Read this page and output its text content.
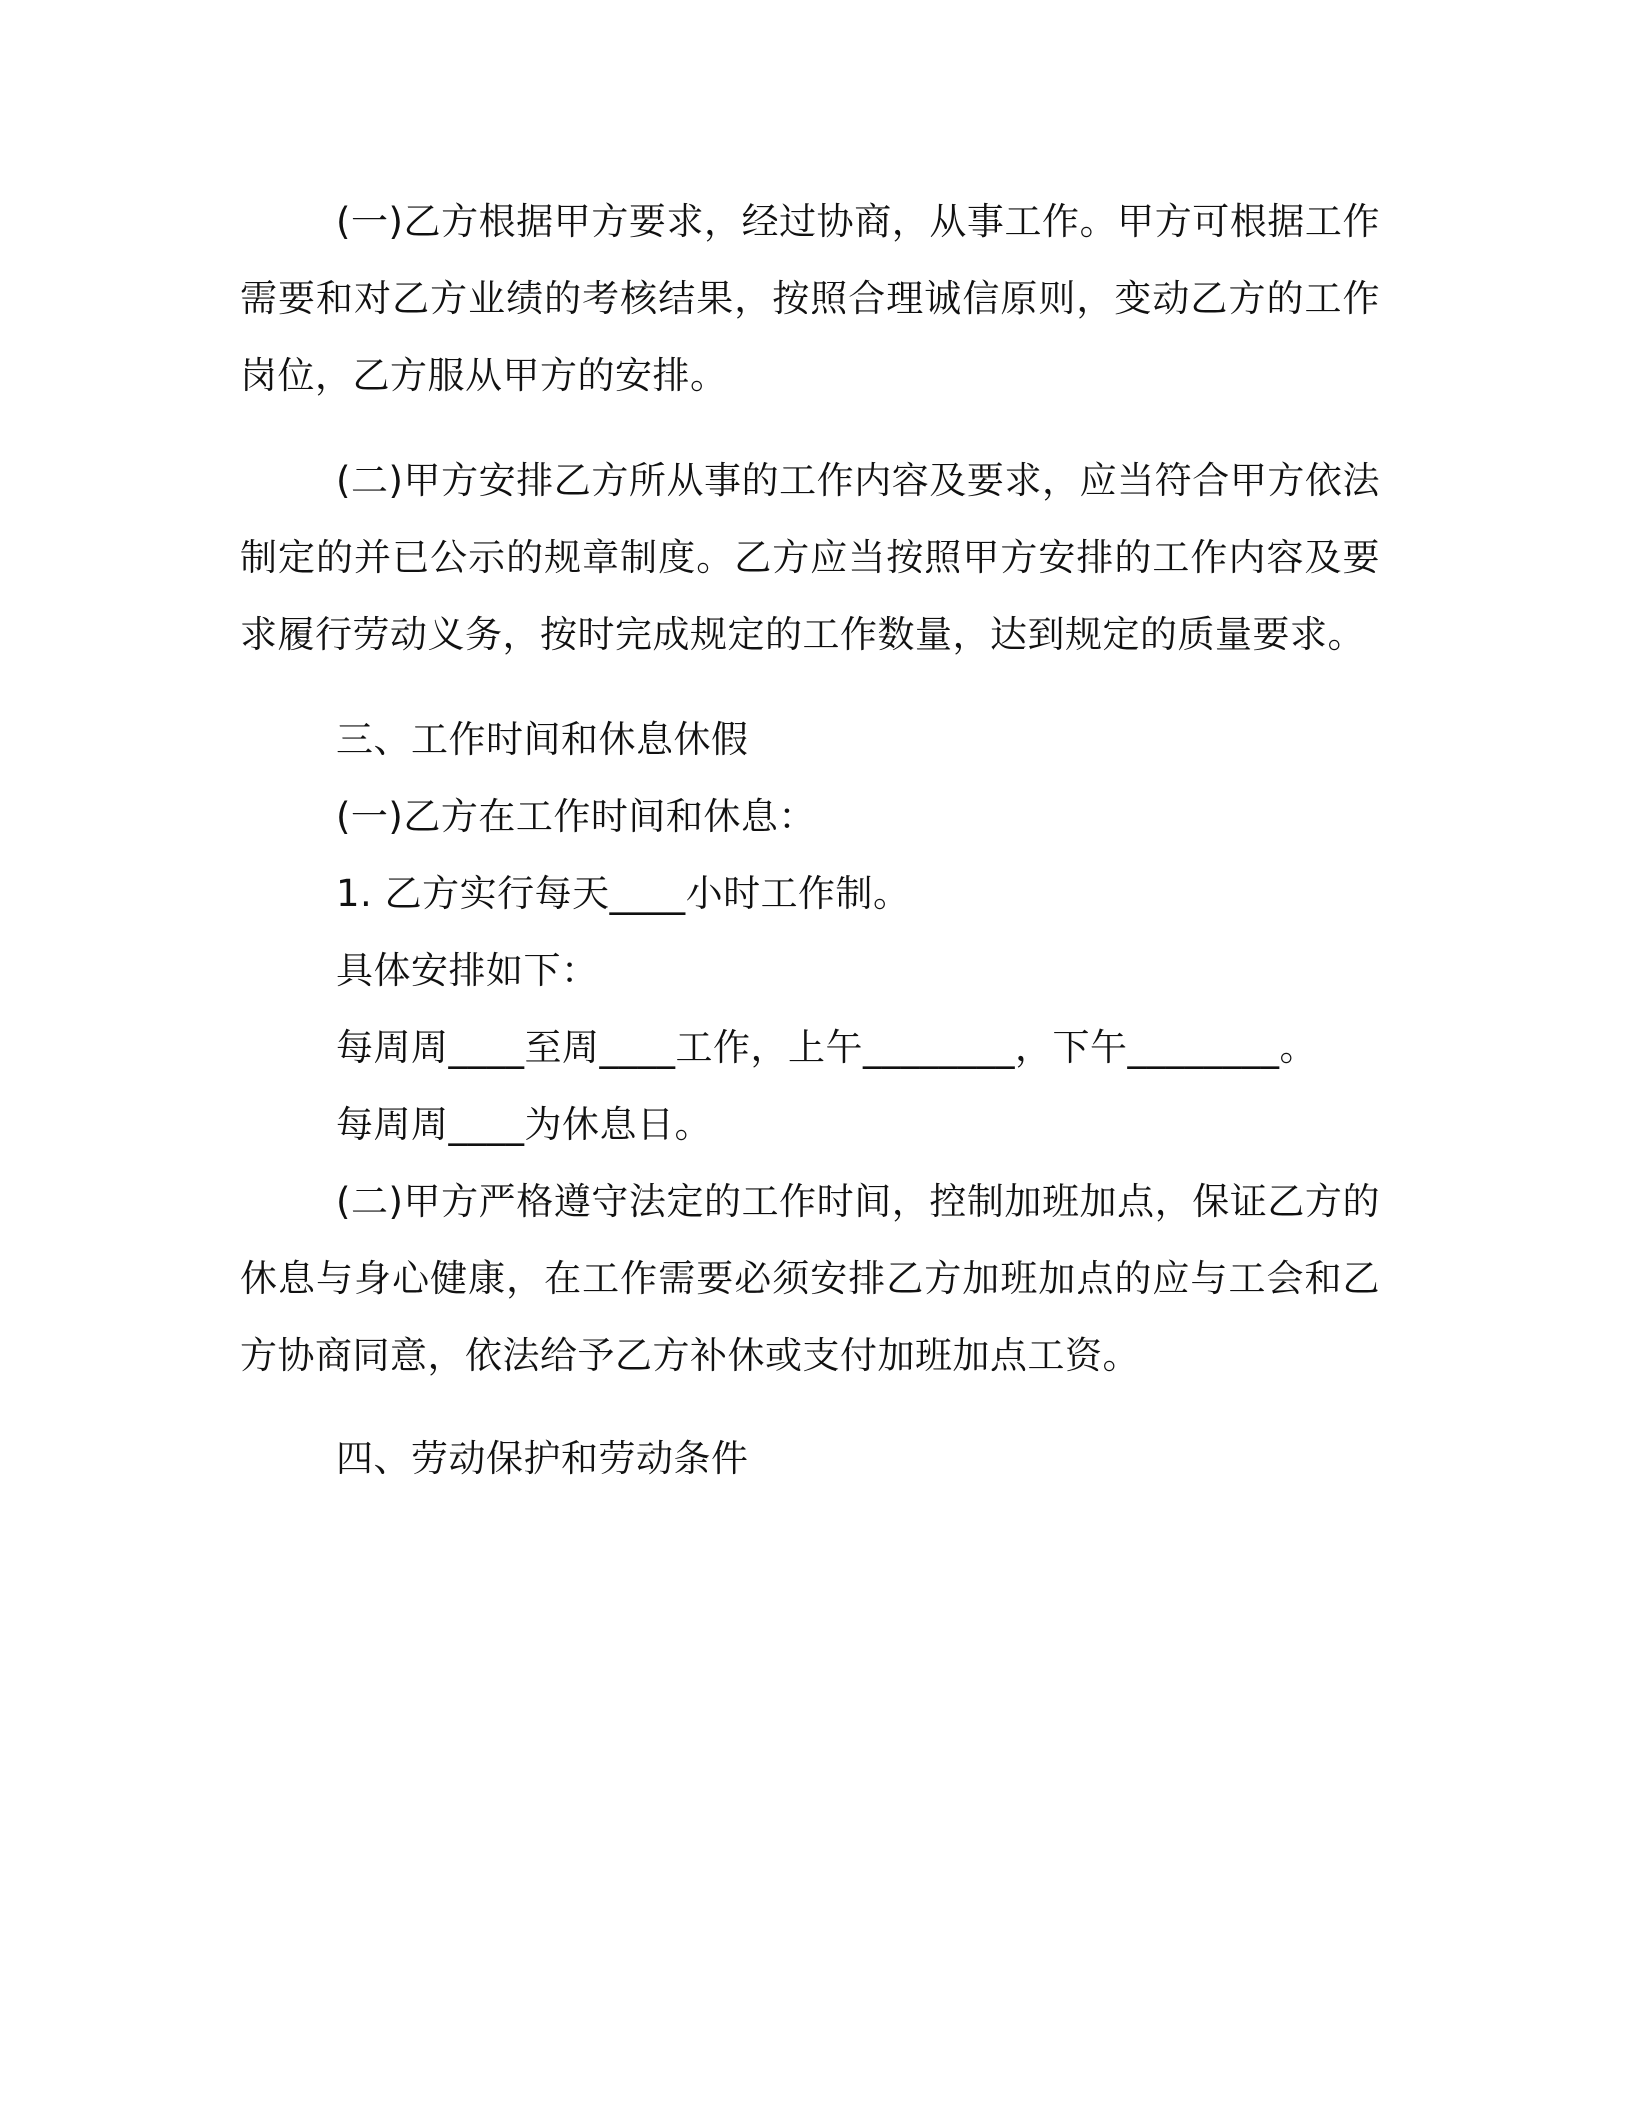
(一)乙方根据甲方要求，经过协商，从事工作。甲方可根据工作需要和对乙方业绩的考核结果，按照合理诚信原则，变动乙方的工作岗位，乙方服从甲方的安排。

(二)甲方安排乙方所从事的工作内容及要求，应当符合甲方依法制定的并已公示的规章制度。乙方应当按照甲方安排的工作内容及要求履行劳动义务，按时完成规定的工作数量，达到规定的质量要求。

三、工作时间和休息休假

(一)乙方在工作时间和休息：

1. 乙方实行每天____小时工作制。

具体安排如下：

每周周____至周____工作，上午________，下午________。

每周周____为休息日。

(二)甲方严格遵守法定的工作时间，控制加班加点，保证乙方的休息与身心健康，在工作需要必须安排乙方加班加点的应与工会和乙方协商同意，依法给予乙方补休或支付加班加点工资。

四、劳动保护和劳动条件
